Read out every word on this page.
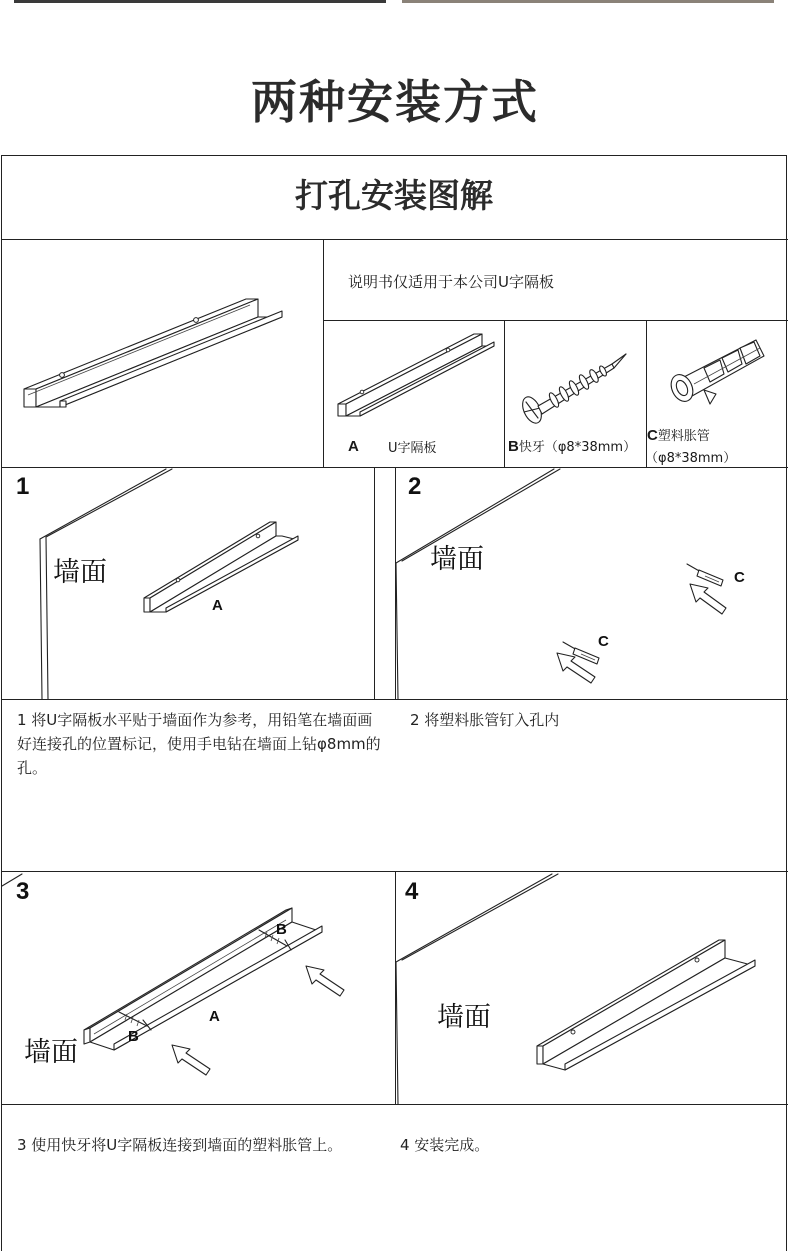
两种安装方式
打孔安装图解
说明书仅适用于本公司U字隔板
A U字隔板	B快牙（φ8*38mm）
C塑料胀管
（φ8*38mm）
1
墙面
A
2
墙面
C
C
1 将U字隔板水平贴于墙面作为参考，用铅笔在墙面画好连接孔的位置标记，使用手电钻在墙面上钻φ8mm的孔。
2 将塑料胀管钉入孔内
3
B
A
B
墙面
4
墙面
3 使用快牙将U字隔板连接到墙面的塑料胀管上。	4 安装完成。
